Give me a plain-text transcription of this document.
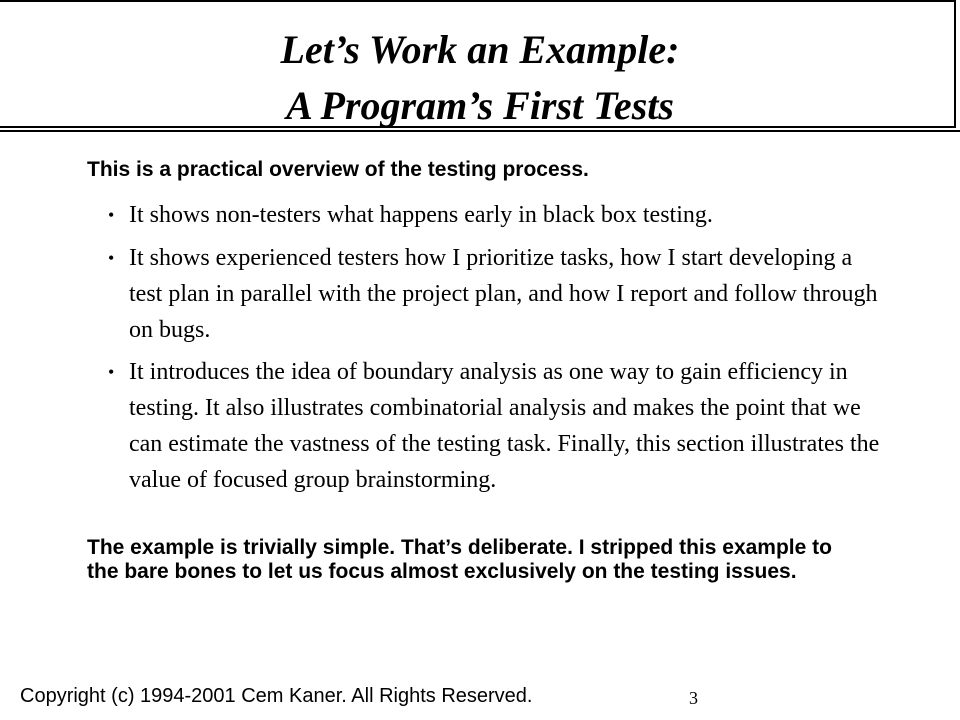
Let’s Work an Example:
A Program’s First Tests
This is a practical overview of the testing process.
• It shows non-testers what happens early in black box testing.
• It shows experienced testers how I prioritize tasks, how I start developing a test plan in parallel with the project plan, and how I report and follow through on bugs.
• It introduces the idea of boundary analysis as one way to gain efficiency in testing. It also illustrates combinatorial analysis and makes the point that we can estimate the vastness of the testing task. Finally, this section illustrates the value of focused group brainstorming.
The example is trivially simple. That’s deliberate. I stripped this example to the bare bones to let us focus almost exclusively on the testing issues.
Copyright (c) 1994-2001 Cem Kaner. All Rights Reserved.	3
